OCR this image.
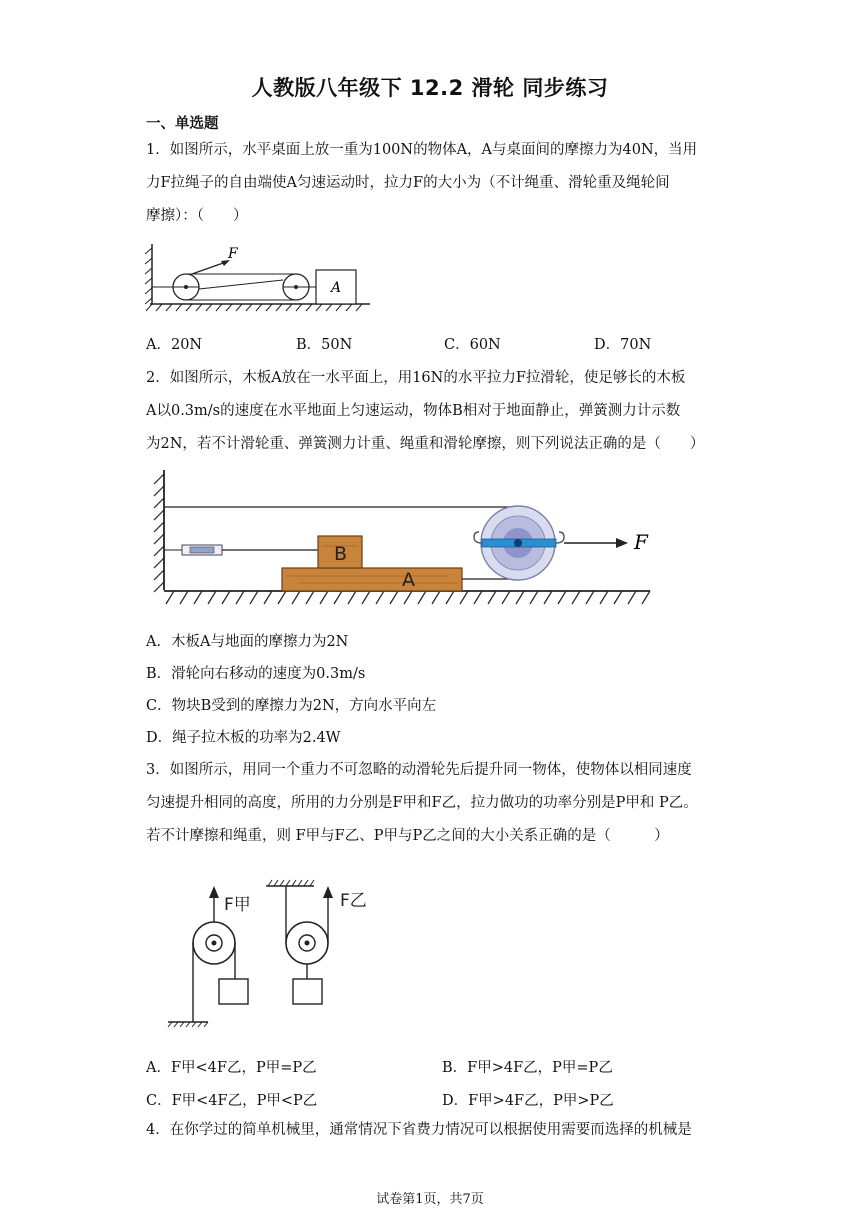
人教版八年级下 12.2 滑轮 同步练习
一、单选题
1．如图所示，水平桌面上放一重为100N的物体A，A与桌面间的摩擦力为40N，当用
力F拉绳子的自由端使A匀速运动时，拉力F的大小为（不计绳重、滑轮重及绳轮间
摩擦）：（　　）
F
A
A．20N	B．50N	C．60N	D．70N
2．如图所示，木板A放在一水平面上，用16N的水平拉力F拉滑轮，使足够长的木板
A以0.3m/s的速度在水平地面上匀速运动，物体B相对于地面静止，弹簧测力计示数
为2N，若不计滑轮重、弹簧测力计重、绳重和滑轮摩擦，则下列说法正确的是（　　）
A
B	F
A．木板A与地面的摩擦力为2N
B．滑轮向右移动的速度为0.3m/s
C．物块B受到的摩擦力为2N，方向水平向左
D．绳子拉木板的功率为2.4W
3．如图所示，用同一个重力不可忽略的动滑轮先后提升同一物体，使物体以相同速度
匀速提升相同的高度，所用的力分别是F甲和F乙，拉力做功的功率分别是P甲和 P乙。
若不计摩擦和绳重，则 F甲与F乙、P甲与P乙之间的大小关系正确的是（　　　）
F甲	F乙
A．F甲<4F乙，P甲=P乙	B．F甲>4F乙，P甲=P乙
C．F甲<4F乙，P甲<P乙	D．F甲>4F乙，P甲>P乙
4．在你学过的简单机械里，通常情况下省费力情况可以根据使用需要而选择的机械是
试卷第1页，共7页
